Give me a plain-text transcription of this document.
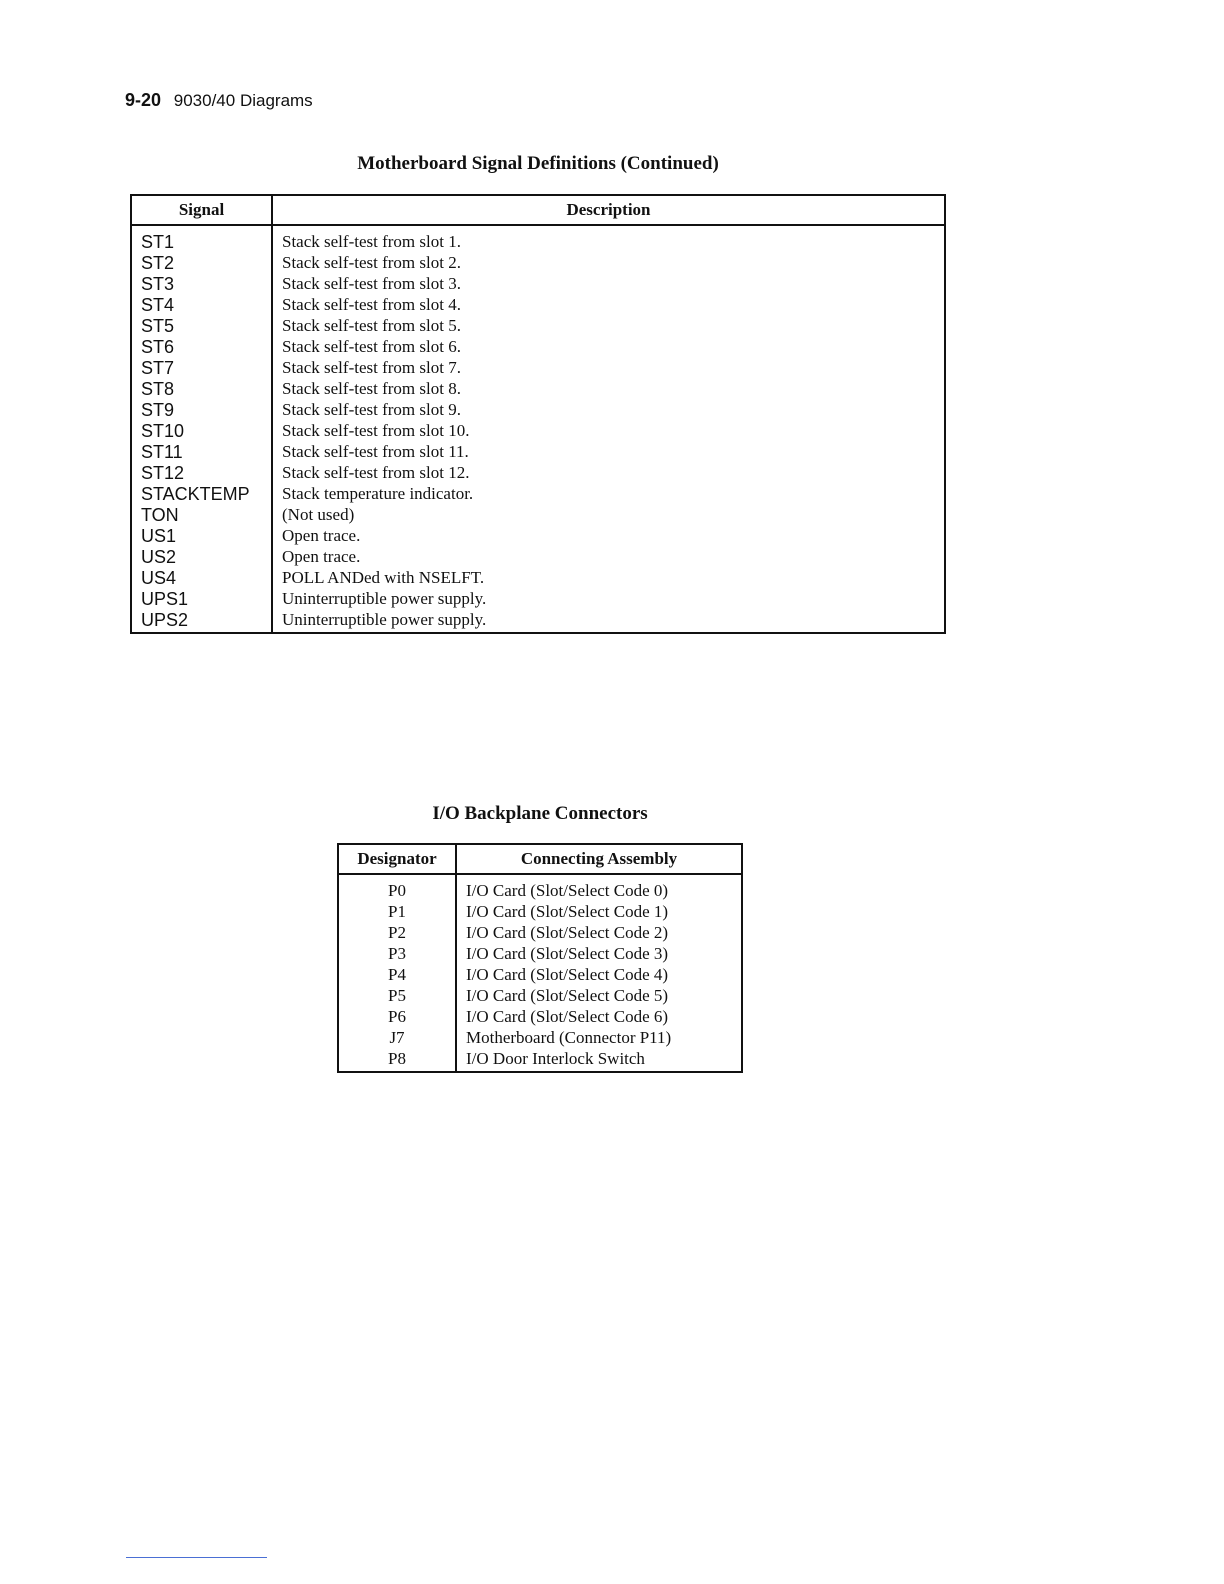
9-20 9030/40 Diagrams
Motherboard Signal Definitions (Continued)
Signal	Description
ST1	Stack self-test from slot 1.
ST2	Stack self-test from slot 2.
ST3	Stack self-test from slot 3.
ST4	Stack self-test from slot 4.
ST5	Stack self-test from slot 5.
ST6	Stack self-test from slot 6.
ST7	Stack self-test from slot 7.
ST8	Stack self-test from slot 8.
ST9	Stack self-test from slot 9.
ST10	Stack self-test from slot 10.
ST11	Stack self-test from slot 11.
ST12	Stack self-test from slot 12.
STACKTEMP	Stack temperature indicator.
TON	(Not used)
US1	Open trace.
US2	Open trace.
US4	POLL ANDed with NSELFT.
UPS1	Uninterruptible power supply.
UPS2	Uninterruptible power supply.
I/O Backplane Connectors
Designator	Connecting Assembly
P0	I/O Card (Slot/Select Code 0)
P1	I/O Card (Slot/Select Code 1)
P2	I/O Card (Slot/Select Code 2)
P3	I/O Card (Slot/Select Code 3)
P4	I/O Card (Slot/Select Code 4)
P5	I/O Card (Slot/Select Code 5)
P6	I/O Card (Slot/Select Code 6)
J7	Motherboard (Connector P11)
P8	I/O Door Interlock Switch
